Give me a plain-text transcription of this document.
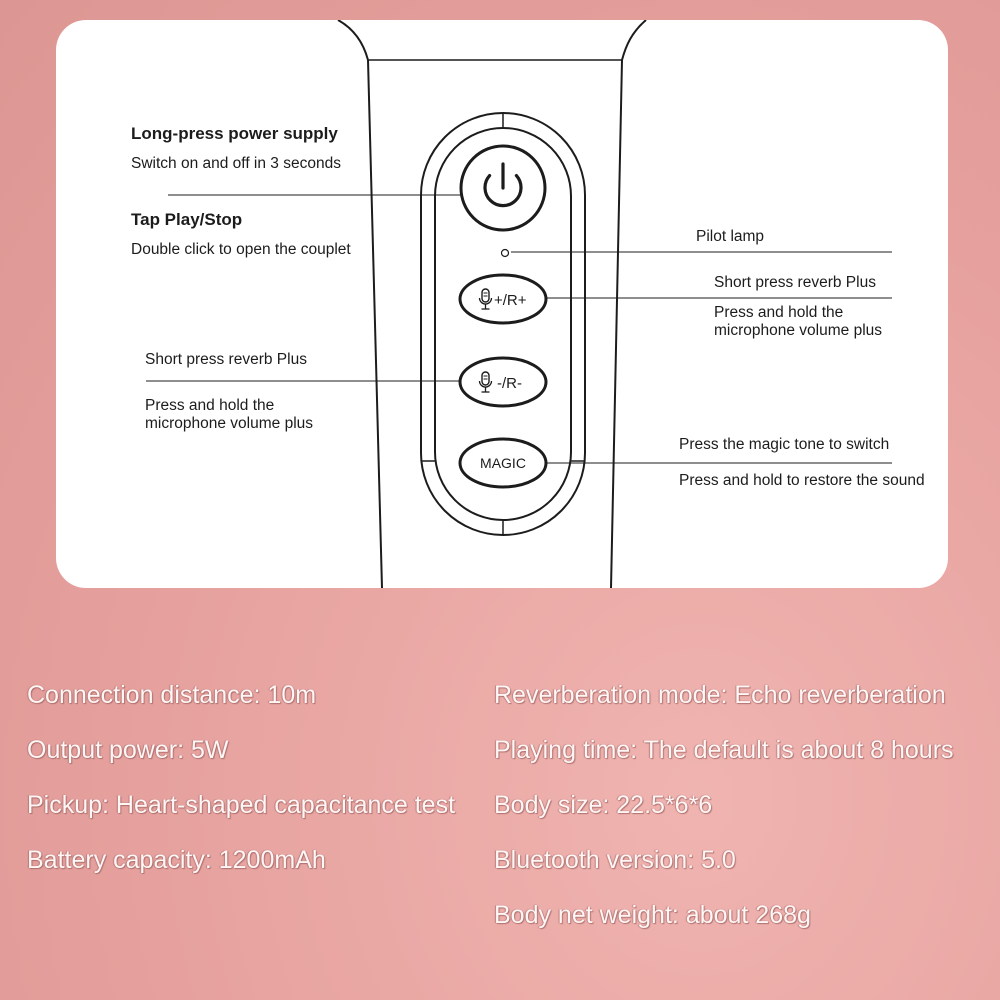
+/R+
-/R-
MAGIC
Long-press power supply
Switch on and off in 3 seconds
Tap Play/Stop
Double click to open the couplet
Pilot lamp
Short press reverb Plus
Press and hold the microphone volume plus
Short press reverb Plus
Press and hold the microphone volume plus
Press the magic tone to switch
Press and hold to restore the sound
Connection distance: 10m
Output power: 5W
Pickup: Heart-shaped capacitance test
Battery capacity: 1200mAh
Reverberation mode: Echo reverberation
Playing time: The default is about 8 hours
Body size: 22.5*6*6
Bluetooth version: 5.0
Body net weight: about 268g
